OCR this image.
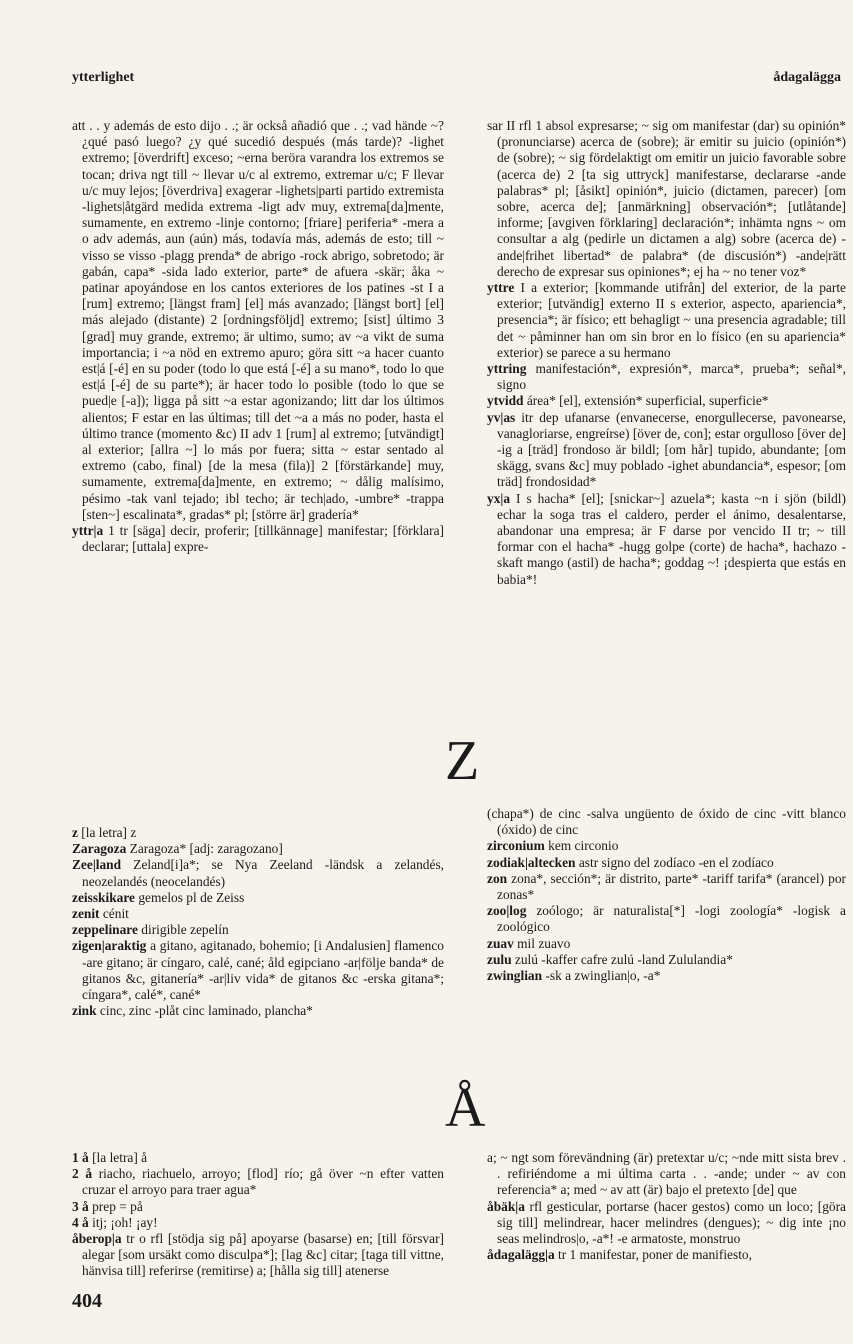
ytterlighet	ådagalägga

att . . y además de esto dijo . .; är också añadió que . .; vad hände ~? ¿qué pasó luego? ¿y qué sucedió después (más tarde)? -lighet extremo; [överdrift] exceso; ~erna beröra varandra los extremos se tocan; driva ngt till ~ llevar u/c al extremo, extremar u/c; F llevar u/c muy lejos; [överdriva] exagerar -lighets|parti partido extremista -lighets|åtgärd medida extrema -ligt adv muy, extrema[da]mente, sumamente, en extremo -linje contorno; [friare] periferia* -mera a o adv además, aun (aún) más, todavía más, además de esto; till ~ visso se visso -plagg prenda* de abrigo -rock abrigo, sobretodo; är gabán, capa* -sida lado exterior, parte* de afuera -skär; åka ~ patinar apoyándose en los cantos exteriores de los patines -st I a [rum] extremo; [längst fram] [el] más avanzado; [längst bort] [el] más alejado (distante) 2 [ordningsföljd] extremo; [sist] último 3 [grad] muy grande, extremo; är ultimo, sumo; av ~a vikt de suma importancia; i ~a nöd en extremo apuro; göra sitt ~a hacer cuanto est|á [-é] en su poder (todo lo que está [-é] a su mano*, todo lo que est|á [-é] de su parte*); är hacer todo lo posible (todo lo que se pued|e [-a]); ligga på sitt ~a estar agonizando; litt dar los últimos alientos; F estar en las últimas; till det ~a a más no poder, hasta el último trance (momento &c) II adv 1 [rum] al extremo; [utvändigt] al exterior; [allra ~] lo más por fuera; sitta ~ estar sentado al extremo (cabo, final) [de la mesa (fila)] 2 [förstärkande] muy, sumamente, extrema[da]mente, en extremo; ~ dålig malísimo, pésimo -tak vanl tejado; ibl techo; är tech|ado, -umbre* -trappa [sten~] escalinata*, gradas* pl; [större är] gradería*

yttr|a 1 tr [säga] decir, proferir; [tillkännage] manifestar; [förklara] declarar; [uttala] expre-

sar II rfl 1 absol expresarse; ~ sig om manifestar (dar) su opinión* (pronunciarse) acerca de (sobre); är emitir su juicio (opinión*) de (sobre); ~ sig fördelaktigt om emitir un juicio favorable sobre (acerca de) 2 [ta sig uttryck] manifestarse, declararse -ande palabras* pl; [åsikt] opinión*, juicio (dictamen, parecer) [om sobre, acerca de]; [anmärkning] observación*; [utlåtande] informe; [avgiven förklaring] declaración*; inhämta ngns ~ om consultar a alg (pedirle un dictamen a alg) sobre (acerca de) -ande|frihet libertad* de palabra* (de discusión*) -ande|rätt derecho de expresar sus opiniones*; ej ha ~ no tener voz*

yttre I a exterior; [kommande utifrån] del exterior, de la parte exterior; [utvändig] externo II s exterior, aspecto, apariencia*, presencia*; är físico; ett behagligt ~ una presencia agradable; till det ~ påminner han om sin bror en lo físico (en su apariencia* exterior) se parece a su hermano

yttring manifestación*, expresión*, marca*, prueba*; señal*, signo

ytvidd área* [el], extensión* superficial, superficie*

yv|as itr dep ufanarse (envanecerse, enorgullecerse, pavonearse, vanagloriarse, engreírse) [över de, con]; estar orgulloso [över de] -ig a [träd] frondoso är bildl; [om hår] tupido, abundante; [om skägg, svans &c] muy poblado -ighet abundancia*, espesor; [om träd] frondosidad*

yx|a I s hacha* [el]; [snickar~] azuela*; kasta ~n i sjön (bildl) echar la soga tras el caldero, perder el ánimo, desalentarse, abandonar una empresa; är F darse por vencido II tr; ~ till formar con el hacha* -hugg golpe (corte) de hacha*, hachazo -skaft mango (astil) de hacha*; goddag ~! ¡despierta que estás en babia*!

Z

z [la letra] z

Zaragoza Zaragoza* [adj: zaragozano]

Zee|land Zeland[i]a*; se Nya Zeeland -ländsk a zelandés, neozelandés (neocelandés)

zeisskikare gemelos pl de Zeiss

zenit cénit

zeppelinare dirigible zepelín

zigen|araktig a gitano, agitanado, bohemio; [i Andalusien] flamenco -are gitano; är cíngaro, calé, cané; åld egipciano -ar|följe banda* de gitanos &c, gitanería* -ar|liv vida* de gitanos &c -erska gitana*; cíngara*, calé*, cané*

zink cinc, zinc -plåt cinc laminado, plancha*

(chapa*) de cinc -salva ungüento de óxido de cinc -vitt blanco (óxido) de cinc

zirconium kem circonio

zodiak|altecken astr signo del zodíaco -en el zodíaco

zon zona*, sección*; är distrito, parte* -tariff tarifa* (arancel) por zonas*

zoo|log zoólogo; är naturalista[*] -logi zoología* -logisk a zoológico

zuav mil zuavo

zulu zulú -kaffer cafre zulú -land Zululandia*

zwinglian -sk a zwinglian|o, -a*

Å

1 å [la letra] å

2 å riacho, riachuelo, arroyo; [flod] río; gå över ~n efter vatten cruzar el arroyo para traer agua*

3 å prep = på

4 å itj; ¡oh! ¡ay!

åberop|a tr o rfl [stödja sig på] apoyarse (basarse) en; [till försvar] alegar [som ursäkt como disculpa*]; [lag &c] citar; [taga till vittne, hänvisa till] referirse (remitirse) a; [hålla sig till] atenerse

a; ~ ngt som förevändning (är) pretextar u/c; ~nde mitt sista brev . . refiriéndome a mi última carta . . -ande; under ~ av con referencia* a; med ~ av att (är) bajo el pretexto [de] que

åbäk|a rfl gesticular, portarse (hacer gestos) como un loco; [göra sig till] melindrear, hacer melindres (dengues); ~ dig inte ¡no seas melindros|o, -a*! -e armatoste, monstruo

ådagalägg|a tr 1 manifestar, poner de manifiesto,

404
